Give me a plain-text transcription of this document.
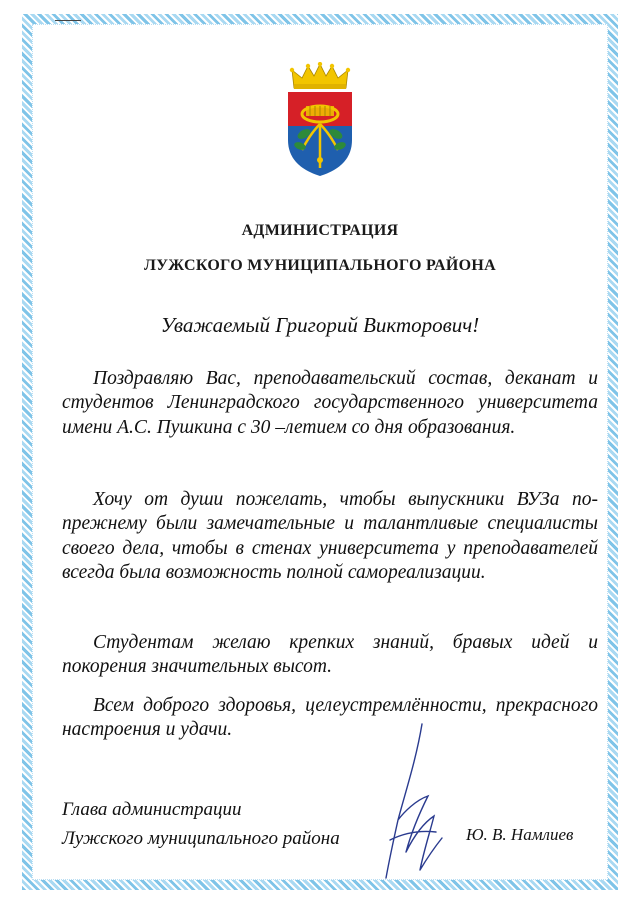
АДМИНИСТРАЦИЯ
ЛУЖСКОГО МУНИЦИПАЛЬНОГО РАЙОНА
Уважаемый Григорий Викторович!
Поздравляю Вас, преподавательский состав, деканат и студентов Ленинградского государственного университета имени А.С. Пушкина с 30 –летием со дня образования.
Хочу от души пожелать, чтобы выпускники ВУЗа по-прежнему были замечательные и талантливые специалисты своего дела, чтобы в стенах университета у преподавателей всегда была возможность полной самореализации.
Студентам желаю крепких знаний, бравых идей и покорения значительных высот.
Всем доброго здоровья, целеустремлённости, прекрасного настроения и удачи.
Глава администрации
Лужского муниципального района	Ю. В. Намлиев
